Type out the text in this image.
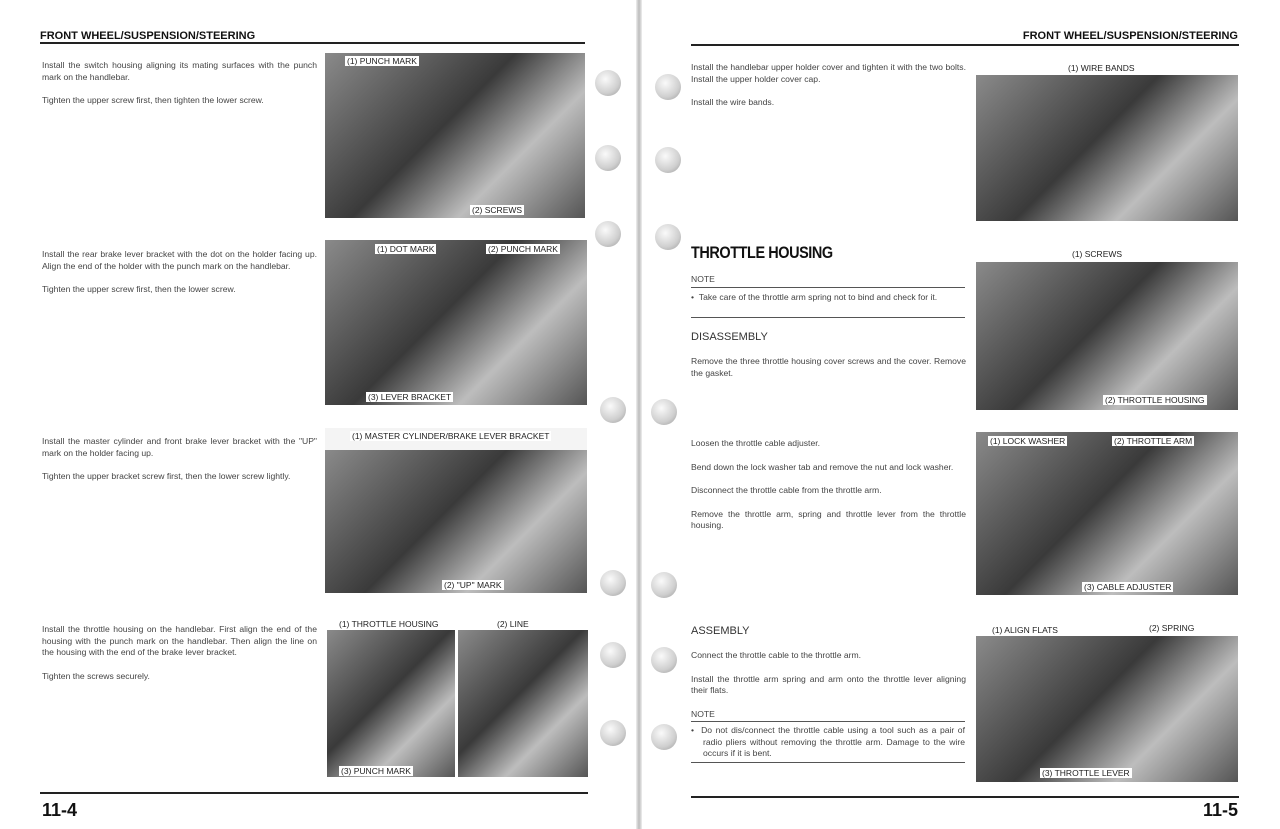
FRONT WHEEL/SUSPENSION/STEERING

Install the switch housing aligning its mating surfaces with the punch mark on the handlebar.

Tighten the upper screw first, then tighten the lower screw.

(1) PUNCH MARK
(2) SCREWS

Install the rear brake lever bracket with the dot on the holder facing up. Align the end of the holder with the punch mark on the handlebar.

Tighten the upper screw first, then the lower screw.

(1) DOT MARK	(2) PUNCH MARK
(3) LEVER BRACKET

Install the master cylinder and front brake lever bracket with the "UP" mark on the holder facing up.

Tighten the upper bracket screw first, then the lower screw lightly.

(1) MASTER CYLINDER/BRAKE LEVER BRACKET
(2) "UP" MARK

Install the throttle housing on the handlebar. First align the end of the housing with the punch mark on the handlebar. Then align the line on the housing with the end of the brake lever bracket.

Tighten the screws securely.

(1) THROTTLE HOUSING	(2) LINE
(3) PUNCH MARK
11-4
FRONT WHEEL/SUSPENSION/STEERING

Install the handlebar upper holder cover and tighten it with the two bolts. Install the upper holder cover cap.

Install the wire bands.

(1) WIRE BANDS
THROTTLE HOUSING
NOTE

•  Take care of the throttle arm spring not to bind and check for it.

DISASSEMBLY

Remove the three throttle housing cover screws and the cover. Remove the gasket.

(1) SCREWS
(2) THROTTLE HOUSING

Loosen the throttle cable adjuster.

Bend down the lock washer tab and remove the nut and lock washer.

Disconnect the throttle cable from the throttle arm.

Remove the throttle arm, spring and throttle lever from the throttle housing.

(1) LOCK WASHER	(2) THROTTLE ARM
(3) CABLE ADJUSTER
ASSEMBLY

Connect the throttle cable to the throttle arm.

Install the throttle arm spring and arm onto the throttle lever aligning their flats.

NOTE

•  Do not dis/connect the throttle cable using a tool such as a pair of radio pliers without removing the throttle arm. Damage to the wire occurs if it is bent.

(1) ALIGN FLATS	(2) SPRING
(3) THROTTLE LEVER
11-5
